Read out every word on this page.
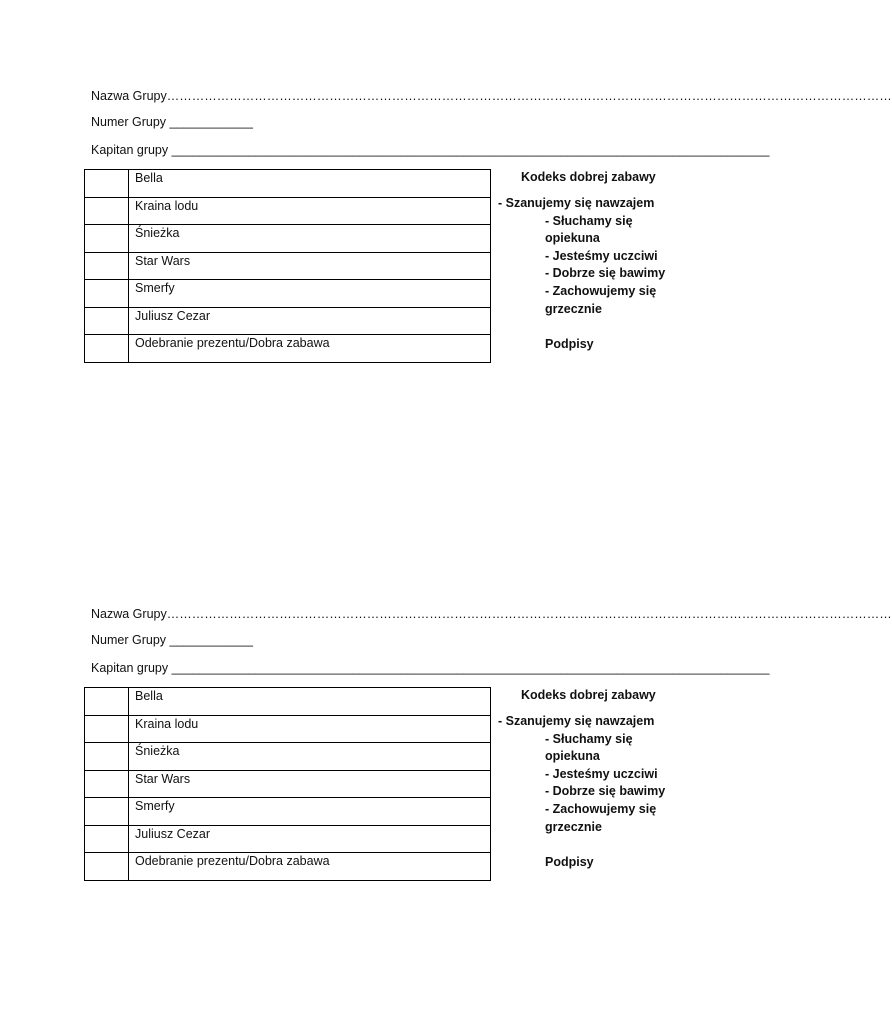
Nazwa Grupy…………………………………………………………………………………………………………………………………………………………
Numer Grupy ____________
Kapitan grupy ______________________________________________________________________________________
	Bella
	Kraina lodu
	Śnieżka
	Star Wars
	Smerfy
	Juliusz Cezar
	Odebranie prezentu/Dobra zabawa
Kodeks dobrej zabawy
- Szanujemy się nawzajem
- Słuchamy się opiekuna
- Jesteśmy uczciwi
- Dobrze się bawimy
- Zachowujemy się grzecznie
Podpisy
Nazwa Grupy…………………………………………………………………………………………………………………………………………………………
Numer Grupy ____________
Kapitan grupy ______________________________________________________________________________________
	Bella
	Kraina lodu
	Śnieżka
	Star Wars
	Smerfy
	Juliusz Cezar
	Odebranie prezentu/Dobra zabawa
Kodeks dobrej zabawy
- Szanujemy się nawzajem
- Słuchamy się opiekuna
- Jesteśmy uczciwi
- Dobrze się bawimy
- Zachowujemy się grzecznie
Podpisy
